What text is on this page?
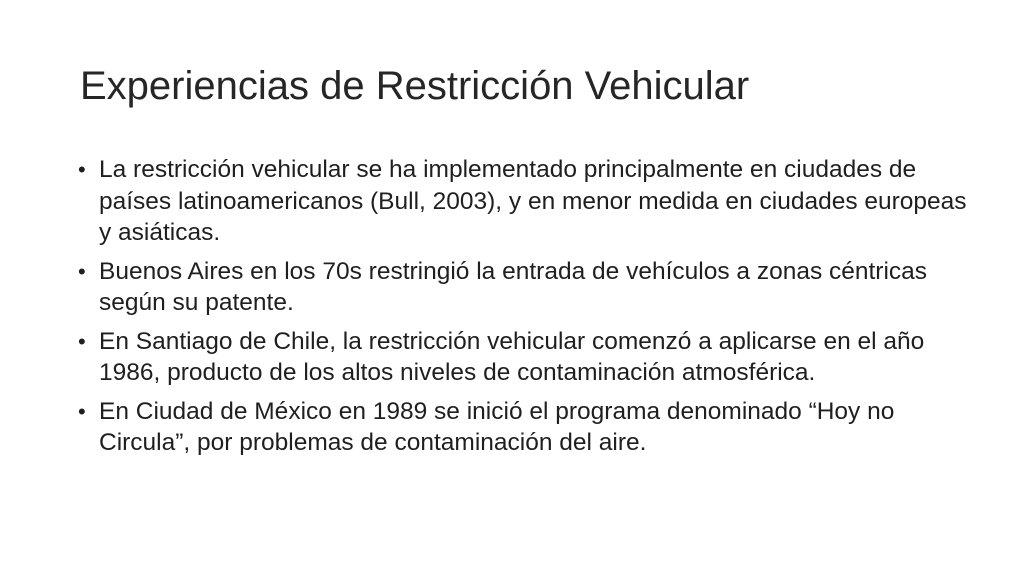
Experiencias de Restricción Vehicular
• La restricción vehicular se ha implementado principalmente en ciudades de países latinoamericanos (Bull, 2003), y en menor medida en ciudades europeas y asiáticas.
• Buenos Aires en los 70s restringió la entrada de vehículos a zonas céntricas según su patente.
• En Santiago de Chile, la restricción vehicular comenzó a aplicarse en el año 1986, producto de los altos niveles de contaminación atmosférica.
• En Ciudad de México en 1989 se inició el programa denominado “Hoy no Circula”, por problemas de contaminación del aire.
